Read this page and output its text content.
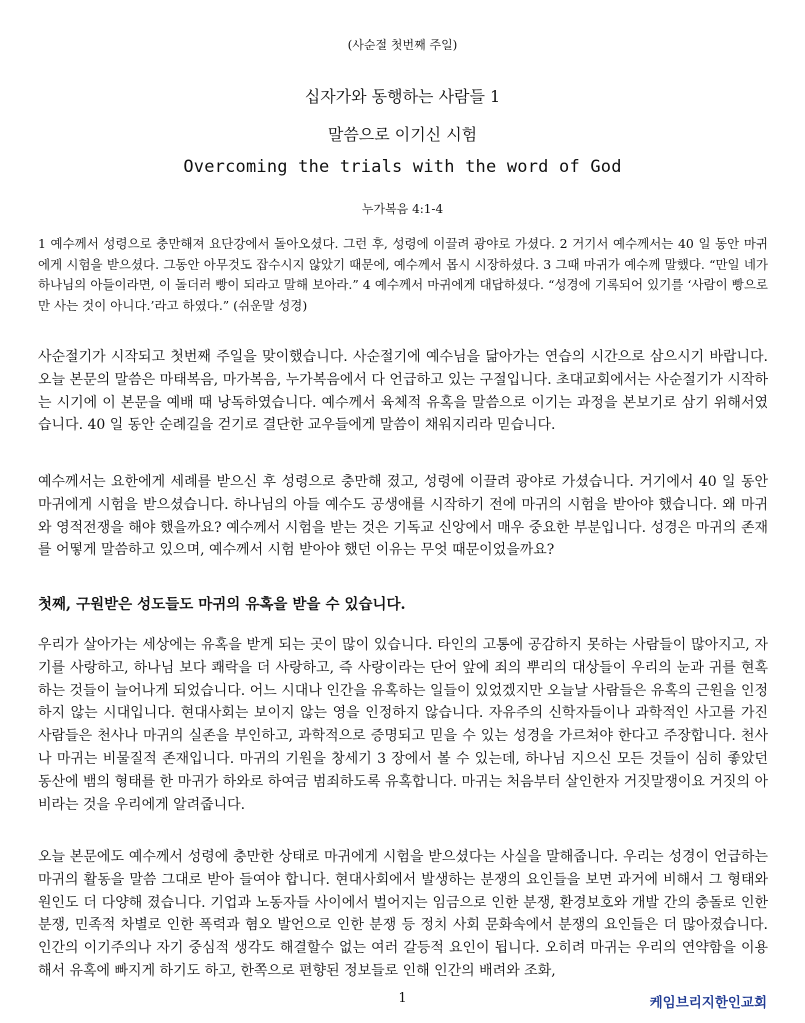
(사순절 첫번째 주일)
십자가와 동행하는 사람들 1
말씀으로 이기신 시험
Overcoming the trials with the word of God
누가복음 4:1-4

1 예수께서 성령으로 충만해져 요단강에서 돌아오셨다. 그런 후, 성령에 이끌려 광야로 가셨다. 2 거기서 예수께서는 40 일 동안 마귀에게 시험을 받으셨다. 그동안 아무것도 잡수시지 않았기 때문에, 예수께서 몹시 시장하셨다. 3 그때 마귀가 예수께 말했다. “만일 네가 하나님의 아들이라면, 이 돌더러 빵이 되라고 말해 보아라.” 4 예수께서 마귀에게 대답하셨다. “성경에 기록되어 있기를 ‘사람이 빵으로만 사는 것이 아니다.’라고 하였다.” (쉬운말 성경)

사순절기가 시작되고 첫번째 주일을 맞이했습니다. 사순절기에 예수님을 닮아가는 연습의 시간으로 삼으시기 바랍니다. 오늘 본문의 말씀은 마태복음, 마가복음, 누가복음에서 다 언급하고 있는 구절입니다. 초대교회에서는 사순절기가 시작하는 시기에 이 본문을 예배 때 낭독하였습니다. 예수께서 육체적 유혹을 말씀으로 이기는 과정을 본보기로 삼기 위해서였습니다. 40 일 동안 순례길을 걷기로 결단한 교우들에게 말씀이 채워지리라 믿습니다.

예수께서는 요한에게 세례를 받으신 후 성령으로 충만해 졌고, 성령에 이끌려 광야로 가셨습니다. 거기에서 40 일 동안 마귀에게 시험을 받으셨습니다. 하나님의 아들 예수도 공생애를 시작하기 전에 마귀의 시험을 받아야 했습니다. 왜 마귀와 영적전쟁을 해야 했을까요? 예수께서 시험을 받는 것은 기독교 신앙에서 매우 중요한 부분입니다. 성경은 마귀의 존재를 어떻게 말씀하고 있으며, 예수께서 시험 받아야 했던 이유는 무엇 때문이었을까요?

첫째, 구원받은 성도들도 마귀의 유혹을 받을 수 있습니다.

우리가 살아가는 세상에는 유혹을 받게 되는 곳이 많이 있습니다. 타인의 고통에 공감하지 못하는 사람들이 많아지고, 자기를 사랑하고, 하나님 보다 쾌락을 더 사랑하고, 즉 사랑이라는 단어 앞에 죄의 뿌리의 대상들이 우리의 눈과 귀를 현혹하는 것들이 늘어나게 되었습니다. 어느 시대나 인간을 유혹하는 일들이 있었겠지만 오늘날 사람들은 유혹의 근원을 인정하지 않는 시대입니다. 현대사회는 보이지 않는 영을 인정하지 않습니다. 자유주의 신학자들이나 과학적인 사고를 가진 사람들은 천사나 마귀의 실존을 부인하고, 과학적으로 증명되고 믿을 수 있는 성경을 가르쳐야 한다고 주장합니다. 천사나 마귀는 비물질적 존재입니다. 마귀의 기원을 창세기 3 장에서 볼 수 있는데, 하나님 지으신 모든 것들이 심히 좋았던 동산에 뱀의 형태를 한 마귀가 하와로 하여금 범죄하도록 유혹합니다. 마귀는 처음부터 살인한자 거짓말쟁이요 거짓의 아비라는 것을 우리에게 알려줍니다.

오늘 본문에도 예수께서 성령에 충만한 상태로 마귀에게 시험을 받으셨다는 사실을 말해줍니다. 우리는 성경이 언급하는 마귀의 활동을 말씀 그대로 받아 들여야 합니다. 현대사회에서 발생하는 분쟁의 요인들을 보면 과거에 비해서 그 형태와 원인도 더 다양해 졌습니다. 기업과 노동자들 사이에서 벌어지는 임금으로 인한 분쟁, 환경보호와 개발 간의 충돌로 인한 분쟁, 민족적 차별로 인한 폭력과 혐오 발언으로 인한 분쟁 등 정치 사회 문화속에서 분쟁의 요인들은 더 많아졌습니다. 인간의 이기주의나 자기 중심적 생각도 해결할수 없는 여러 갈등적 요인이 됩니다. 오히려 마귀는 우리의 연약함을 이용해서 유혹에 빠지게 하기도 하고, 한쪽으로 편향된 정보들로 인해 인간의 배려와 조화,

1	케임브리지한인교회
